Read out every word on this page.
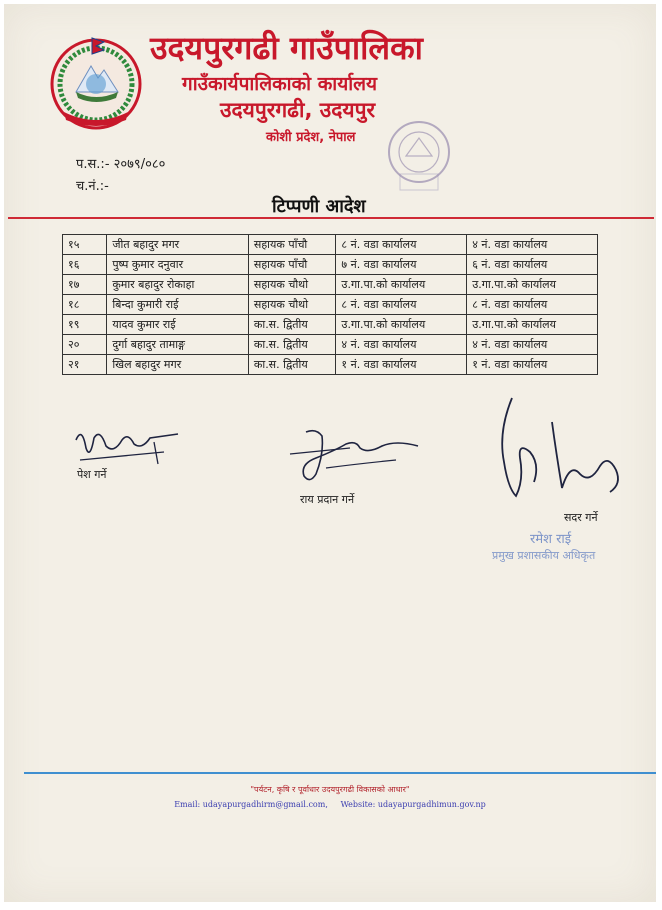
उदयपुरगढी गाउँपालिका
गाउँकार्यपालिकाको कार्यालय
उदयपुरगढी, उदयपुर
कोशी प्रदेश, नेपाल
प.स.:- २०७९/०८०
च.नं.:-
टिप्पणी आदेश
१५	जीत बहादुर मगर	सहायक पाँचौ	८ नं. वडा कार्यालय	४ नं. वडा कार्यालय
१६	पुष्प कुमार दनुवार	सहायक पाँचौ	७ नं. वडा कार्यालय	६ नं. वडा कार्यालय
१७	कुमार बहादुर रोकाहा	सहायक चौथो	उ.गा.पा.को कार्यालय	उ.गा.पा.को कार्यालय
१८	बिन्दा कुमारी राई	सहायक चौथो	८ नं. वडा कार्यालय	८ नं. वडा कार्यालय
१९	यादव कुमार राई	का.स. द्वितीय	उ.गा.पा.को कार्यालय	उ.गा.पा.को कार्यालय
२०	दुर्गा बहादुर तामाङ्ग	का.स. द्वितीय	४ नं. वडा कार्यालय	४ नं. वडा कार्यालय
२१	खिल बहादुर मगर	का.स. द्वितीय	१ नं. वडा कार्यालय	१ नं. वडा कार्यालय
पेश गर्ने
राय प्रदान गर्ने
सदर गर्ने
रमेश राई
प्रमुख प्रशासकीय अधिकृत
"पर्यटन, कृषि र पूर्वाधार उदयपुरगढी विकासको आधार"
Email: udayapurgadhirm@gmail.com, Website: udayapurgadhimun.gov.np
